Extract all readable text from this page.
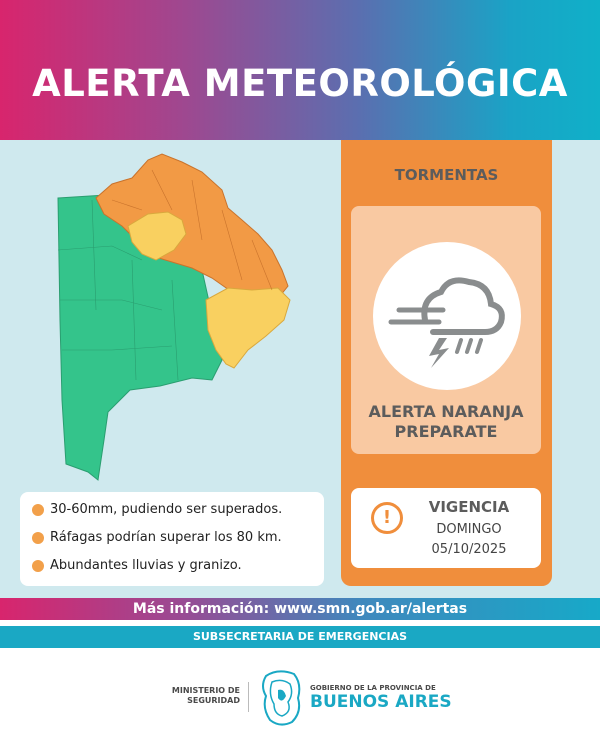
ALERTA METEOROLÓGICA
30-60mm, pudiendo ser superados.
Ráfagas podrían superar los 80 km.
Abundantes lluvias y granizo.
TORMENTAS
ALERTA NARANJA
PREPARATE
!	VIGENCIA
DOMINGO
05/10/2025
Más información: www.smn.gob.ar/alertas
SUBSECRETARIA DE EMERGENCIAS
MINISTERIO DE
SEGURIDAD
GOBIERNO DE LA PROVINCIA DE
BUENOS AIRES
